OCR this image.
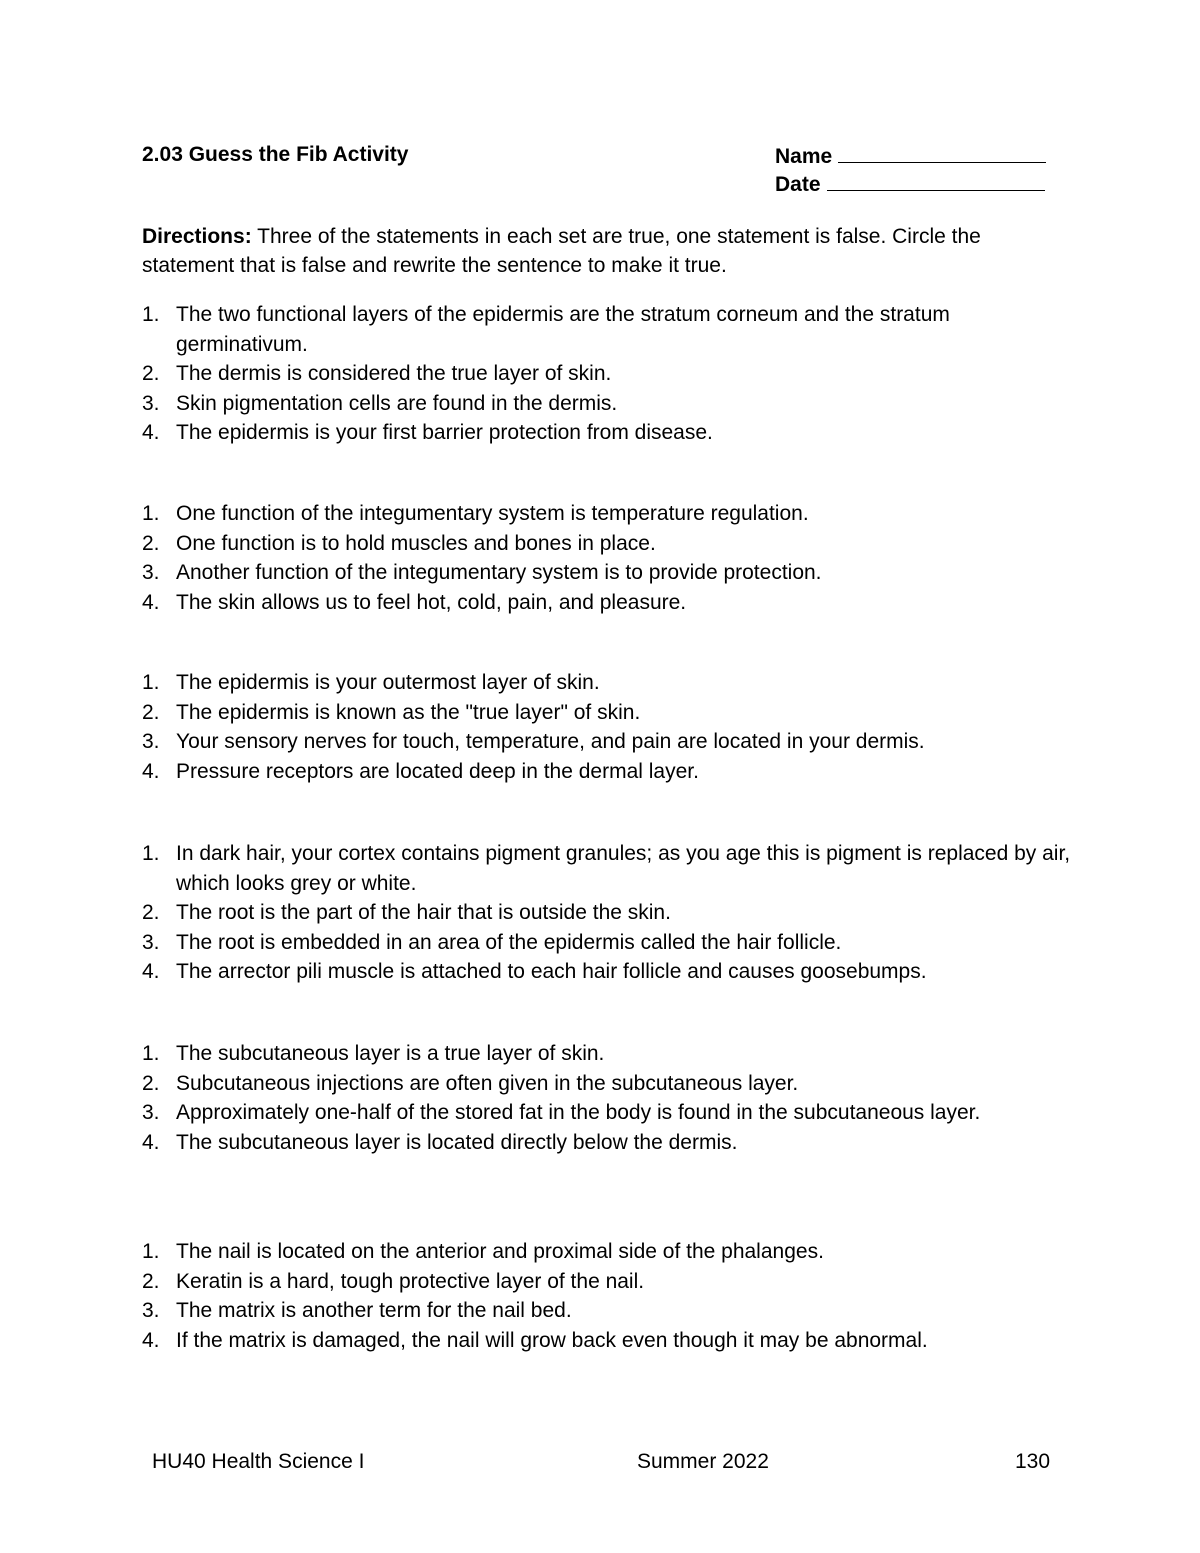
2.03 Guess the Fib Activity	Name
Date
Directions: Three of the statements in each set are true, one statement is false. Circle the statement that is false and rewrite the sentence to make it true.
1. The two functional layers of the epidermis are the stratum corneum and the stratum germinativum.
2. The dermis is considered the true layer of skin.
3. Skin pigmentation cells are found in the dermis.
4. The epidermis is your first barrier protection from disease.
1. One function of the integumentary system is temperature regulation.
2. One function is to hold muscles and bones in place.
3. Another function of the integumentary system is to provide protection.
4. The skin allows us to feel hot, cold, pain, and pleasure.
1. The epidermis is your outermost layer of skin.
2. The epidermis is known as the "true layer" of skin.
3. Your sensory nerves for touch, temperature, and pain are located in your dermis.
4. Pressure receptors are located deep in the dermal layer.
1. In dark hair, your cortex contains pigment granules; as you age this is pigment is replaced by air, which looks grey or white.
2. The root is the part of the hair that is outside the skin.
3. The root is embedded in an area of the epidermis called the hair follicle.
4. The arrector pili muscle is attached to each hair follicle and causes goosebumps.
1. The subcutaneous layer is a true layer of skin.
2. Subcutaneous injections are often given in the subcutaneous layer.
3. Approximately one-half of the stored fat in the body is found in the subcutaneous layer.
4. The subcutaneous layer is located directly below the dermis.
1. The nail is located on the anterior and proximal side of the phalanges.
2. Keratin is a hard, tough protective layer of the nail.
3. The matrix is another term for the nail bed.
4. If the matrix is damaged, the nail will grow back even though it may be abnormal.
HU40 Health Science I	Summer 2022	130
